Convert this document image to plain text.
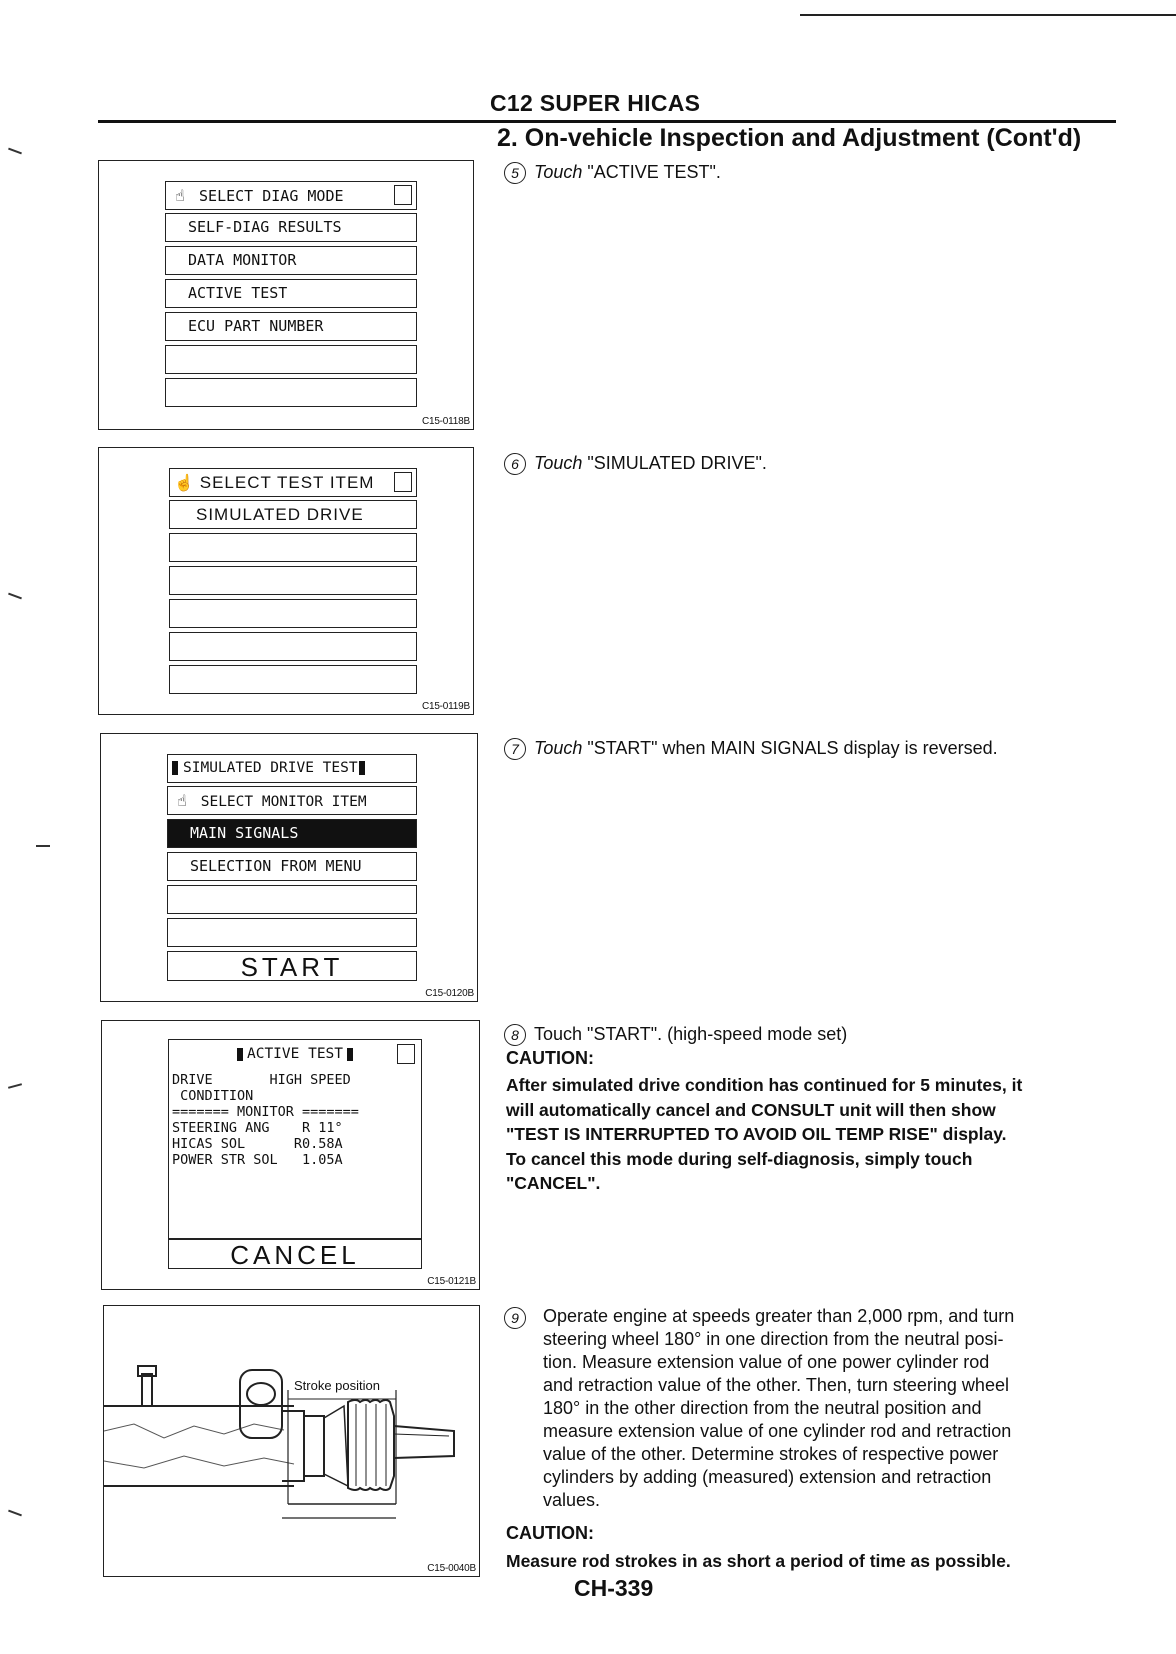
C12 SUPER HICAS
2. On-vehicle Inspection and Adjustment (Cont'd)
☝ SELECT DIAG MODE
SELF-DIAG RESULTS
DATA MONITOR
ACTIVE TEST
ECU PART NUMBER
C15-0118B
☝ SELECT TEST ITEM
SIMULATED DRIVE
C15-0119B
SIMULATED DRIVE TEST
☝ SELECT MONITOR ITEM
MAIN SIGNALS
SELECTION FROM MENU
START
C15-0120B
ACTIVE TEST
DRIVE       HIGH SPEED
CONDITION
======= MONITOR =======
STEERING ANG    R 11°
HICAS SOL      R0.58A
POWER STR SOL   1.05A
CANCEL
C15-0121B
Stroke position
C15-0040B
5 Touch "ACTIVE TEST".
6 Touch "SIMULATED DRIVE".
7 Touch "START" when MAIN SIGNALS display is reversed.
8 Touch "START". (high-speed mode set)
CAUTION:
After simulated drive condition has continued for 5 minutes, it
will automatically cancel and CONSULT unit will then show
"TEST IS INTERRUPTED TO AVOID OIL TEMP RISE" display.
To cancel this mode during self-diagnosis, simply touch
"CANCEL".
9	Operate engine at speeds greater than 2,000 rpm, and turn
steering wheel 180° in one direction from the neutral posi-
tion. Measure extension value of one power cylinder rod
and retraction value of the other. Then, turn steering wheel
180° in the other direction from the neutral position and
measure extension value of one cylinder rod and retraction
value of the other. Determine strokes of respective power
cylinders by adding (measured) extension and retraction
values.
CAUTION:
Measure rod strokes in as short a period of time as possible.
CH-339
